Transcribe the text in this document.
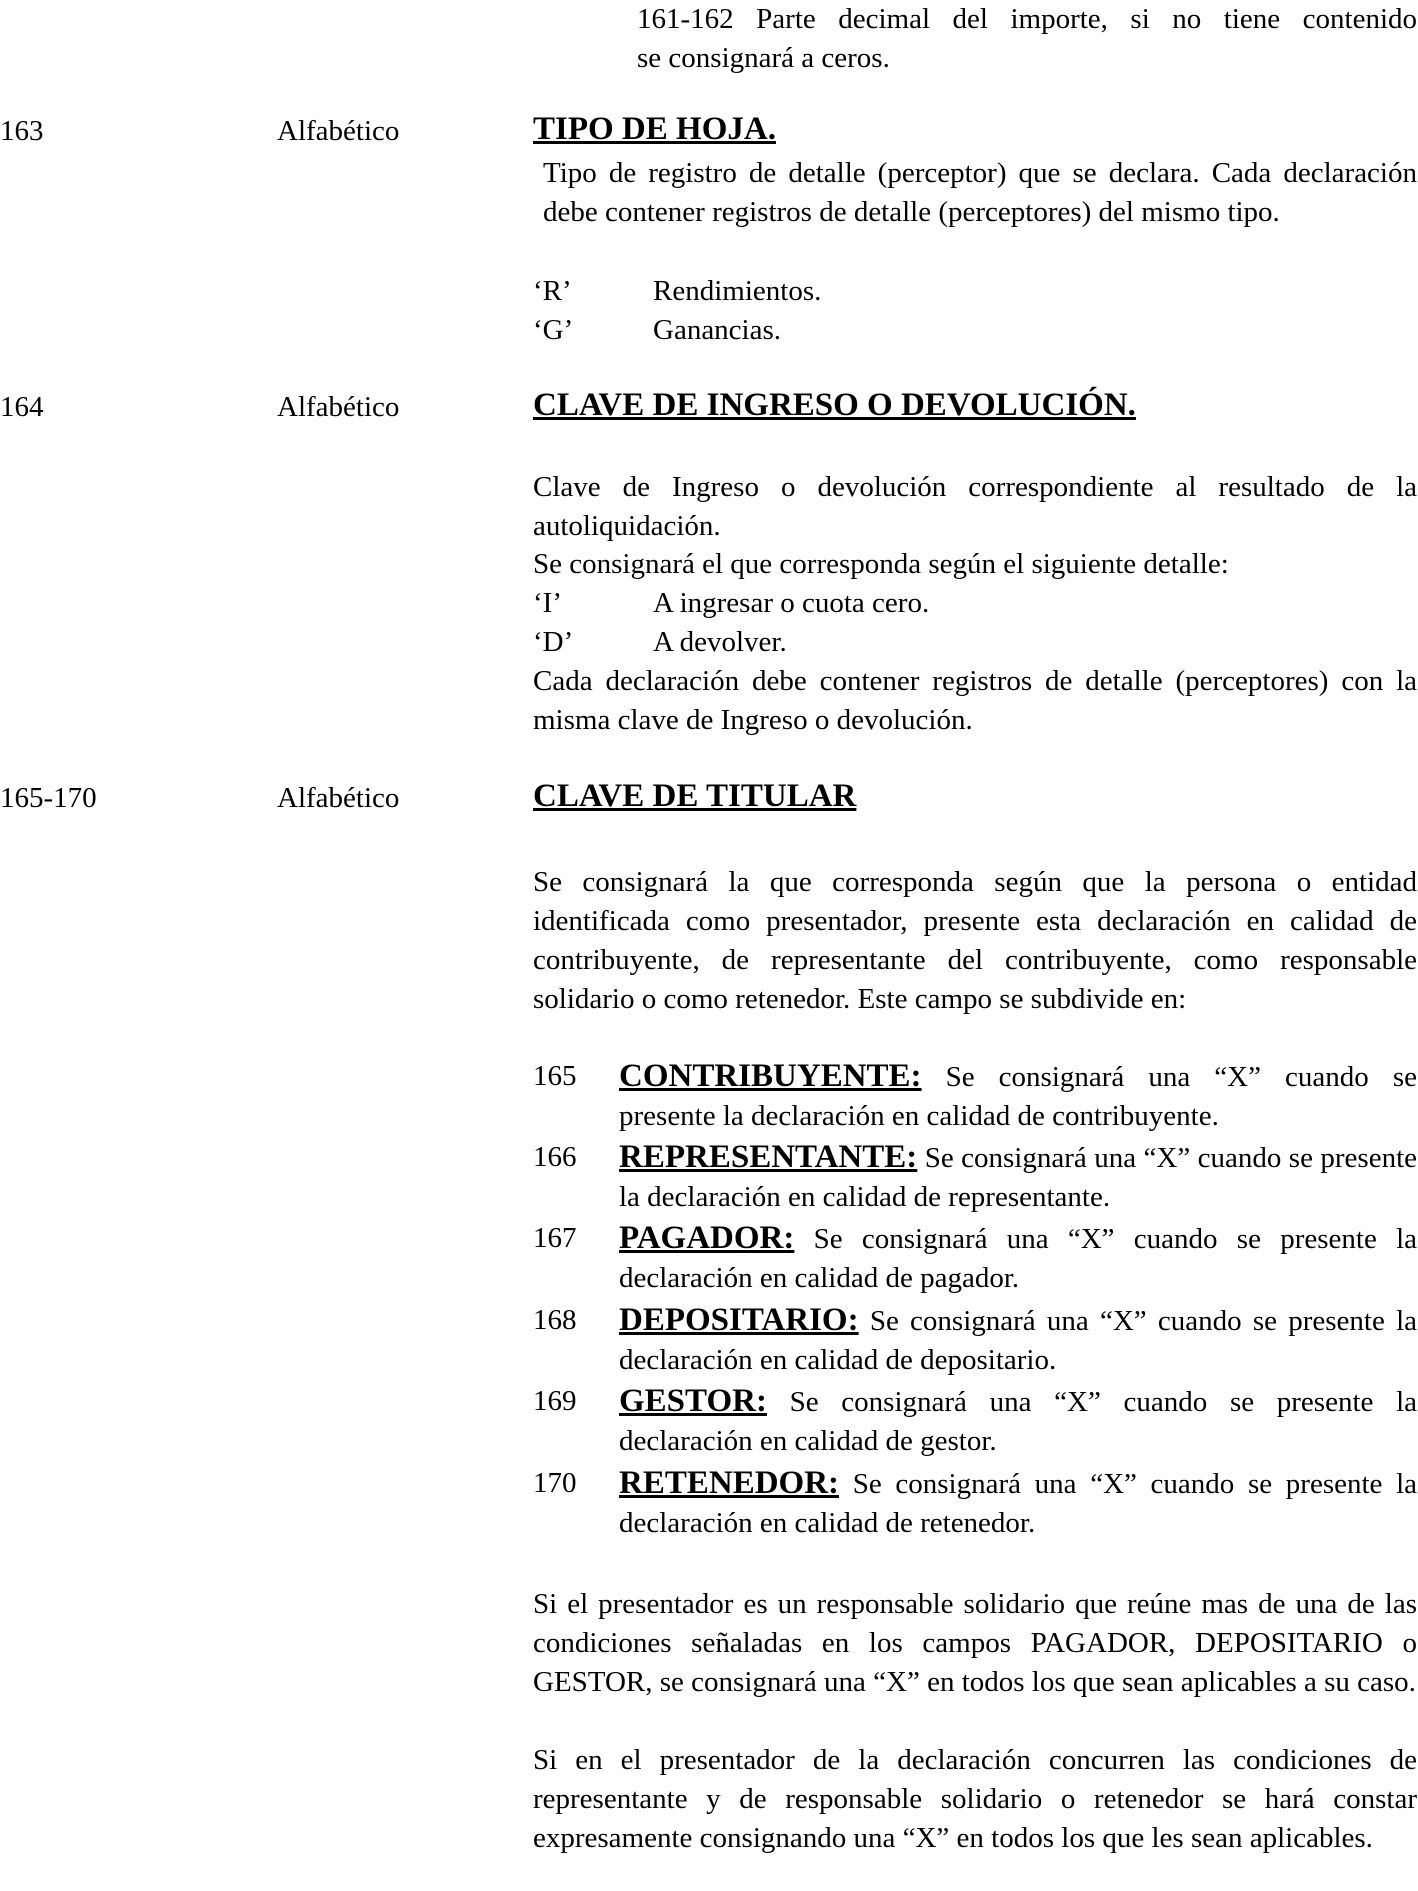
161-162 Parte decimal del importe, si no tiene contenido

se consignará a ceros.

163	Alfabético	TIPO DE HOJA.
Tipo de registro de detalle (perceptor) que se declara. Cada declaración debe contener registros de detalle (perceptores) del mismo tipo.
‘R’	Rendimientos.
‘G’	Ganancias.
164	Alfabético	CLAVE DE INGRESO O DEVOLUCIÓN.
Clave de Ingreso o devolución correspondiente al resultado de la autoliquidación.
Se consignará el que corresponda según el siguiente detalle:
‘I’	A ingresar o cuota cero.
‘D’	A devolver.
Cada declaración debe contener registros de detalle (perceptores) con la misma clave de Ingreso o devolución.
165-170	Alfabético	CLAVE DE TITULAR
Se consignará la que corresponda según que la persona o entidad identificada como presentador, presente esta declaración en calidad de contribuyente, de representante del contribuyente, como responsable solidario o como retenedor. Este campo se subdivide en:
165	CONTRIBUYENTE: Se consignará una “X” cuando se presente la declaración en calidad de contribuyente.

166	REPRESENTANTE: Se consignará una “X” cuando se presente la declaración en calidad de representante.

167	PAGADOR: Se consignará una “X” cuando se presente la declaración en calidad de pagador.

168	DEPOSITARIO: Se consignará una “X” cuando se presente la declaración en calidad de depositario.

169	GESTOR: Se consignará una “X” cuando se presente la declaración en calidad de gestor.

170	RETENEDOR: Se consignará una “X” cuando se presente la declaración en calidad de retenedor.

Si el presentador es un responsable solidario que reúne mas de una de las condiciones señaladas en los campos PAGADOR, DEPOSITARIO o GESTOR, se consignará una “X” en todos los que sean aplicables a su caso.
Si en el presentador de la declaración concurren las condiciones de representante y de responsable solidario o retenedor se hará constar expresamente consignando una “X” en todos los que les sean aplicables.
